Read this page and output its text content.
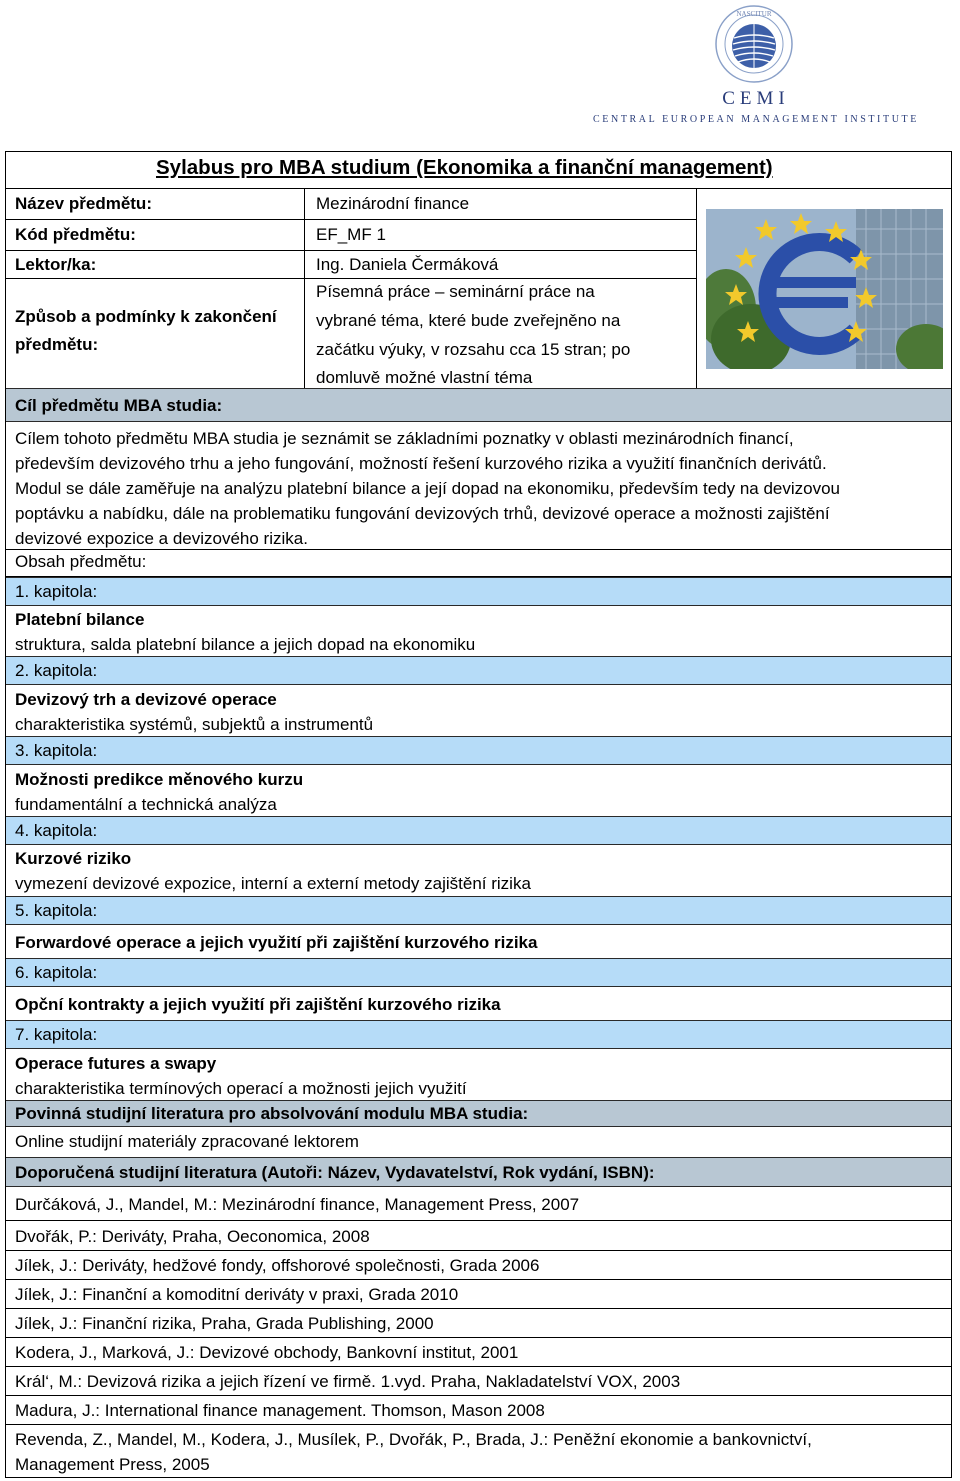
NASCITUR
CEMI
CENTRAL EUROPEAN MANAGEMENT INSTITUTE
Sylabus pro MBA studium (Ekonomika a finanční management)
Název předmětu:	Mezinárodní finance
Kód předmětu:	EF_MF 1
Lektor/ka:	Ing. Daniela Čermáková
Způsob a podmínky k zakončení
předmětu:
Písemná práce – seminární práce na
vybrané téma, které bude zveřejněno na
začátku výuky, v rozsahu cca 15 stran; po
domluvě možné vlastní téma
Cíl předmětu MBA studia:
Cílem tohoto předmětu MBA studia je seznámit se základními poznatky v oblasti mezinárodních financí,
především devizového trhu a jeho fungování, možností řešení kurzového rizika a využití finančních derivátů.
Modul se dále zaměřuje na analýzu platební bilance a její dopad na ekonomiku, především tedy na devizovou
poptávku a nabídku, dále na problematiku fungování devizových trhů, devizové operace a možnosti zajištění
devizové expozice a devizového rizika.
Obsah předmětu:
1. kapitola:
Platební bilance
struktura, salda platební bilance a jejich dopad na ekonomiku
2. kapitola:
Devizový trh a devizové operace
charakteristika systémů, subjektů a instrumentů
3. kapitola:
Možnosti predikce měnového kurzu
fundamentální a technická analýza
4. kapitola:
Kurzové riziko
vymezení devizové expozice, interní a externí metody zajištění rizika
5. kapitola:
Forwardové operace a jejich využití při zajištění kurzového rizika
6. kapitola:
Opční kontrakty a jejich využití při zajištění kurzového rizika
7. kapitola:
Operace futures a swapy
charakteristika termínových operací a možnosti jejich využití
Povinná studijní literatura pro absolvování modulu MBA studia:
Online studijní materiály zpracované lektorem
Doporučená studijní literatura (Autoři: Název, Vydavatelství, Rok vydání, ISBN):
Durčáková, J., Mandel, M.: Mezinárodní finance, Management Press, 2007
Dvořák, P.: Deriváty, Praha, Oeconomica, 2008
Jílek, J.: Deriváty, hedžové fondy, offshorové společnosti, Grada 2006
Jílek, J.: Finanční a komoditní deriváty v praxi, Grada 2010
Jílek, J.: Finanční rizika, Praha, Grada Publishing, 2000
Kodera, J., Marková, J.: Devizové obchody, Bankovní institut, 2001
Král‘, M.: Devizová rizika a jejich řízení ve firmě. 1.vyd. Praha, Nakladatelství VOX, 2003
Madura, J.: International finance management. Thomson, Mason 2008
Revenda, Z., Mandel, M., Kodera, J., Musílek, P., Dvořák, P., Brada, J.: Peněžní ekonomie a bankovnictví,
Management Press, 2005
